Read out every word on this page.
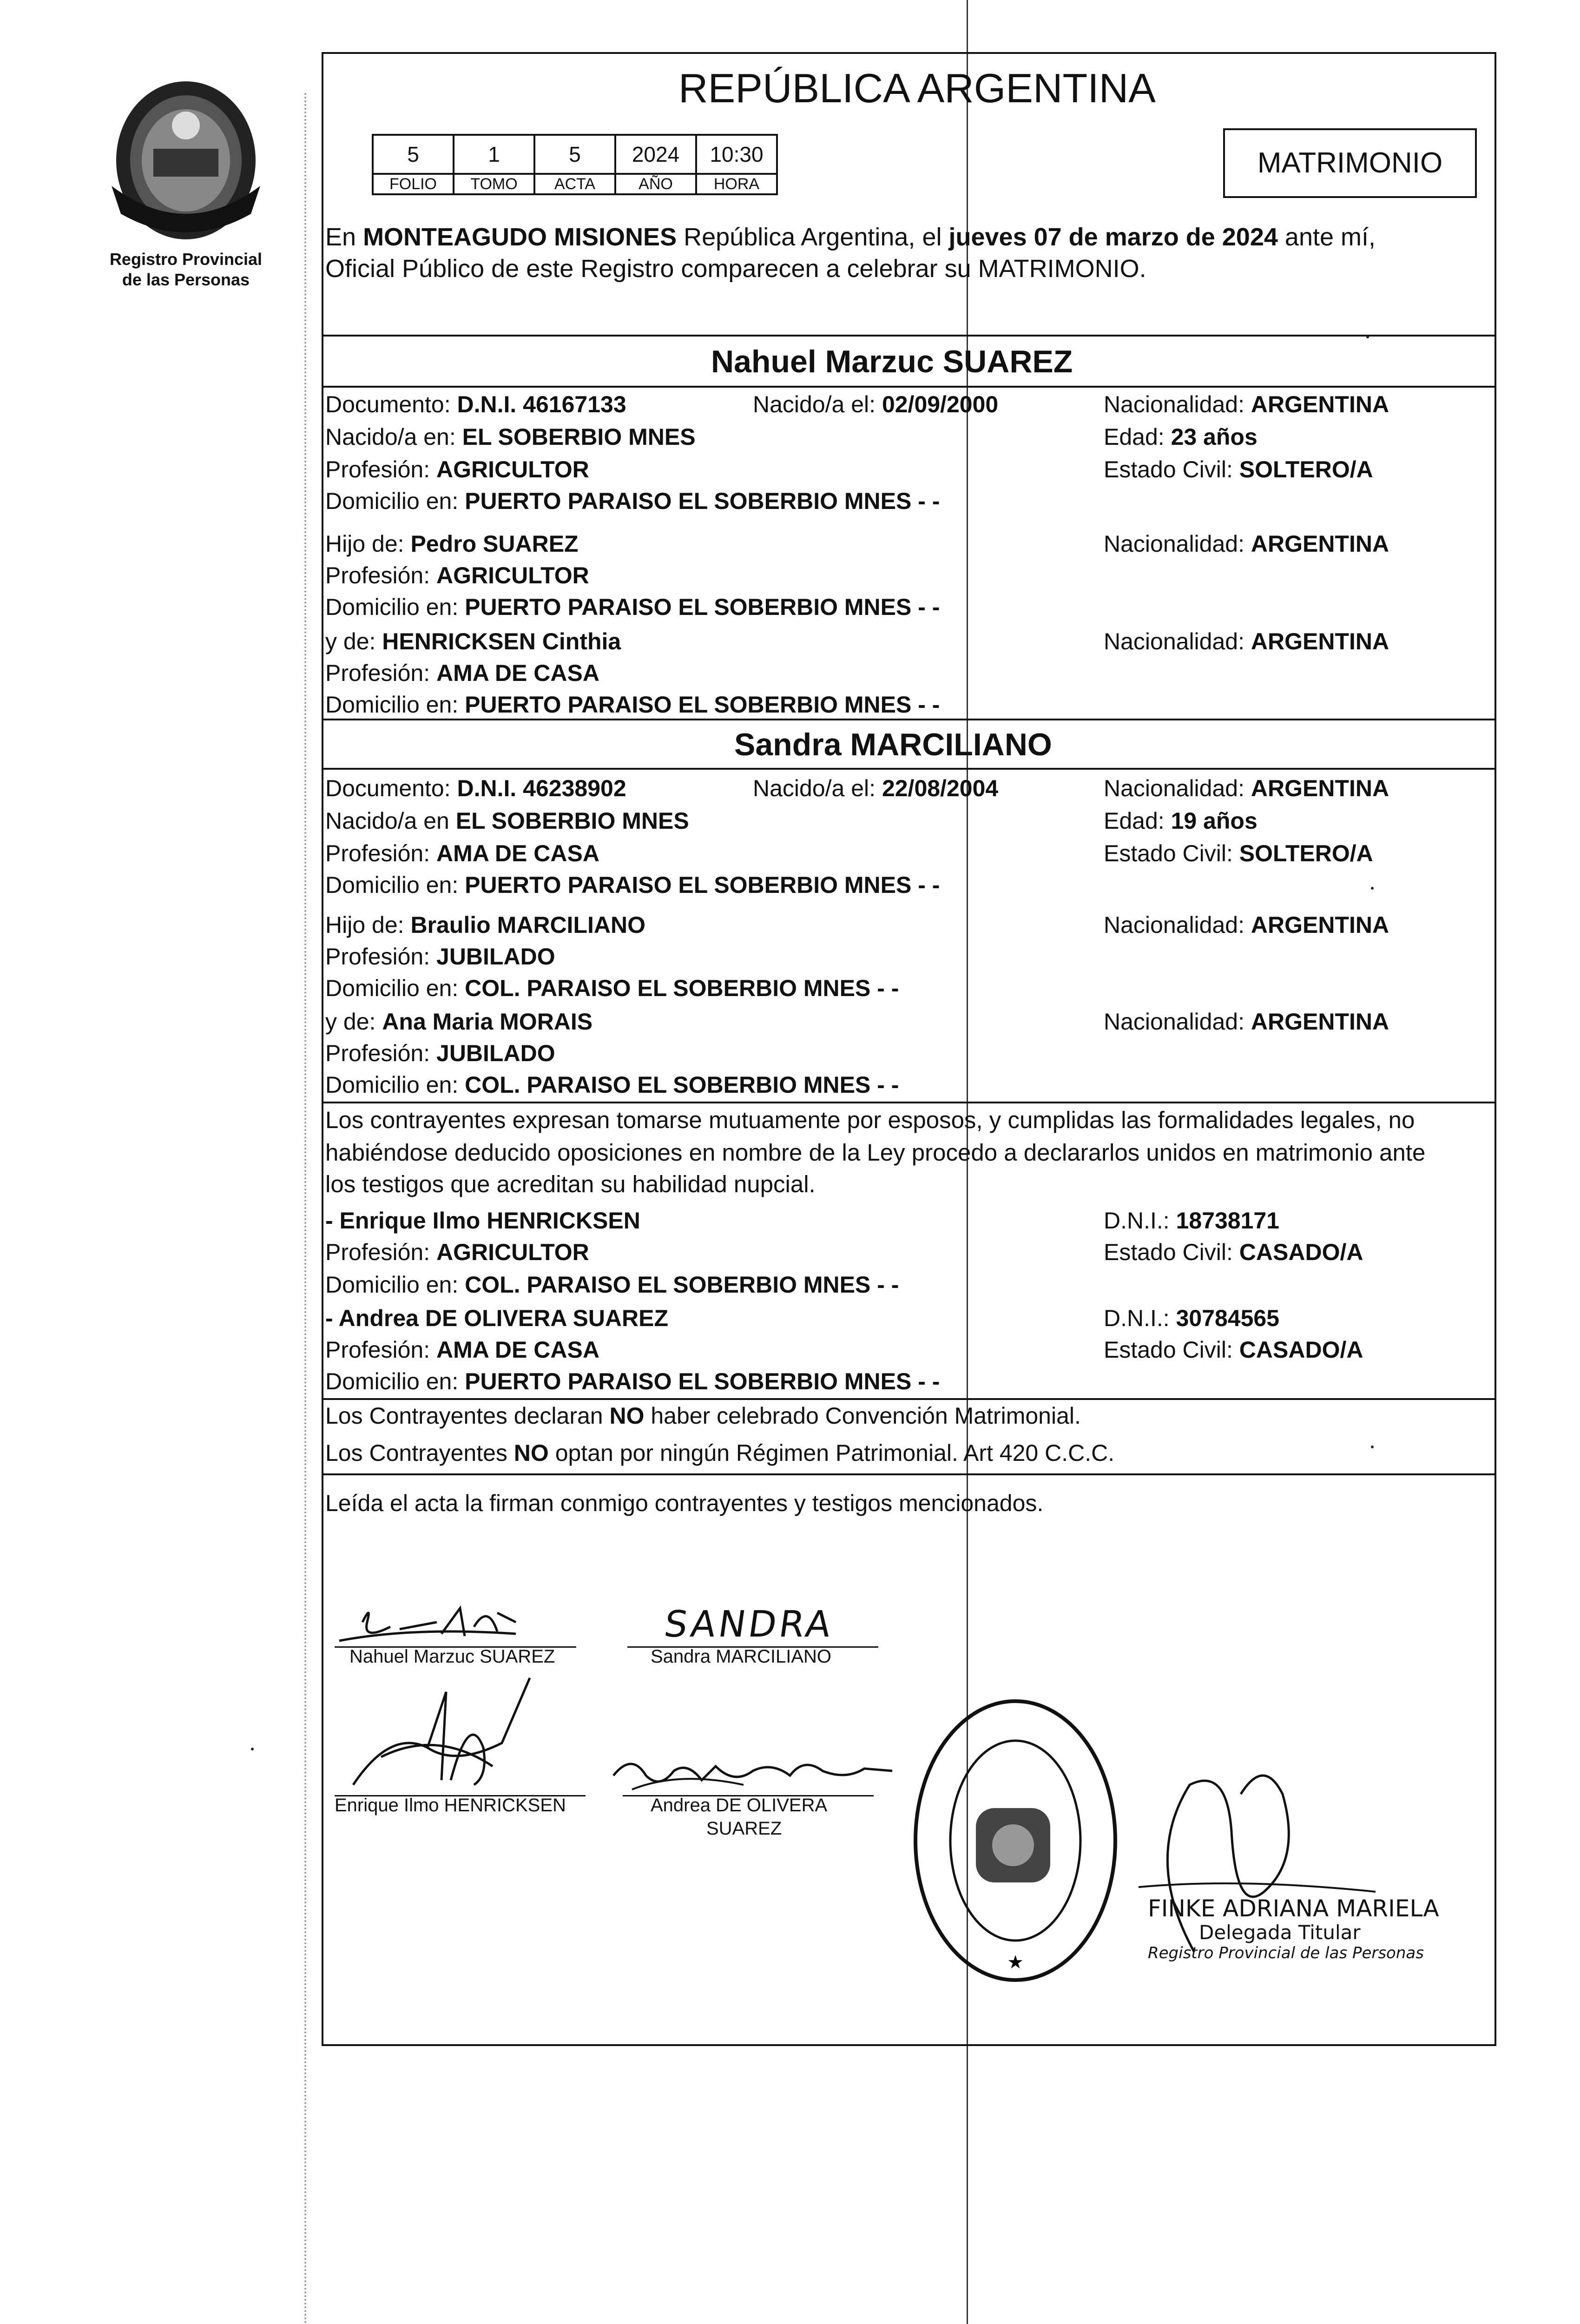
Registro Provincial
de las Personas
REPÚBLICA ARGENTINA
5	1	5	2024	10:30
FOLIO	TOMO	ACTA	AÑO	HORA
MATRIMONIO
En MONTEAGUDO MISIONES República Argentina, el jueves 07 de marzo de 2024 ante mí,
Oficial Público de este Registro comparecen a celebrar su MATRIMONIO.
Nahuel Marzuc SUAREZ
Documento: D.N.I. 46167133	Nacido/a el: 02/09/2000	Nacionalidad: ARGENTINA
Nacido/a en: EL SOBERBIO MNES	Edad: 23 años
Profesión: AGRICULTOR	Estado Civil: SOLTERO/A
Domicilio en: PUERTO PARAISO EL SOBERBIO MNES - -
Hijo de: Pedro SUAREZ	Nacionalidad: ARGENTINA
Profesión: AGRICULTOR
Domicilio en: PUERTO PARAISO EL SOBERBIO MNES - -
y de: HENRICKSEN Cinthia	Nacionalidad: ARGENTINA
Profesión: AMA DE CASA
Domicilio en: PUERTO PARAISO EL SOBERBIO MNES - -
Sandra MARCILIANO
Documento: D.N.I. 46238902	Nacido/a el: 22/08/2004	Nacionalidad: ARGENTINA
Nacido/a en EL SOBERBIO MNES	Edad: 19 años
Profesión: AMA DE CASA	Estado Civil: SOLTERO/A
Domicilio en: PUERTO PARAISO EL SOBERBIO MNES - -
Hijo de: Braulio MARCILIANO	Nacionalidad: ARGENTINA
Profesión: JUBILADO
Domicilio en: COL. PARAISO EL SOBERBIO MNES - -
y de: Ana Maria MORAIS	Nacionalidad: ARGENTINA
Profesión: JUBILADO
Domicilio en: COL. PARAISO EL SOBERBIO MNES - -
Los contrayentes expresan tomarse mutuamente por esposos, y cumplidas las formalidades legales, no
habiéndose deducido oposiciones en nombre de la Ley procedo a declararlos unidos en matrimonio ante
los testigos que acreditan su habilidad nupcial.
- Enrique Ilmo HENRICKSEN	D.N.I.: 18738171
Profesión: AGRICULTOR	Estado Civil: CASADO/A
Domicilio en: COL. PARAISO EL SOBERBIO MNES - -
- Andrea DE OLIVERA SUAREZ	D.N.I.: 30784565
Profesión: AMA DE CASA	Estado Civil: CASADO/A
Domicilio en: PUERTO PARAISO EL SOBERBIO MNES - -
Los Contrayentes declaran NO haber celebrado Convención Matrimonial.
Los Contrayentes NO optan por ningún Régimen Patrimonial. Art 420 C.C.C.
Leída el acta la firman conmigo contrayentes y testigos mencionados.
Nahuel Marzuc SUAREZ
SANDRA
Sandra MARCILIANO
Enrique Ilmo HENRICKSEN	Andrea DE OLIVERA
SUAREZ
★
FINKE ADRIANA MARIELA
Delegada Titular
Registro Provincial de las Personas
